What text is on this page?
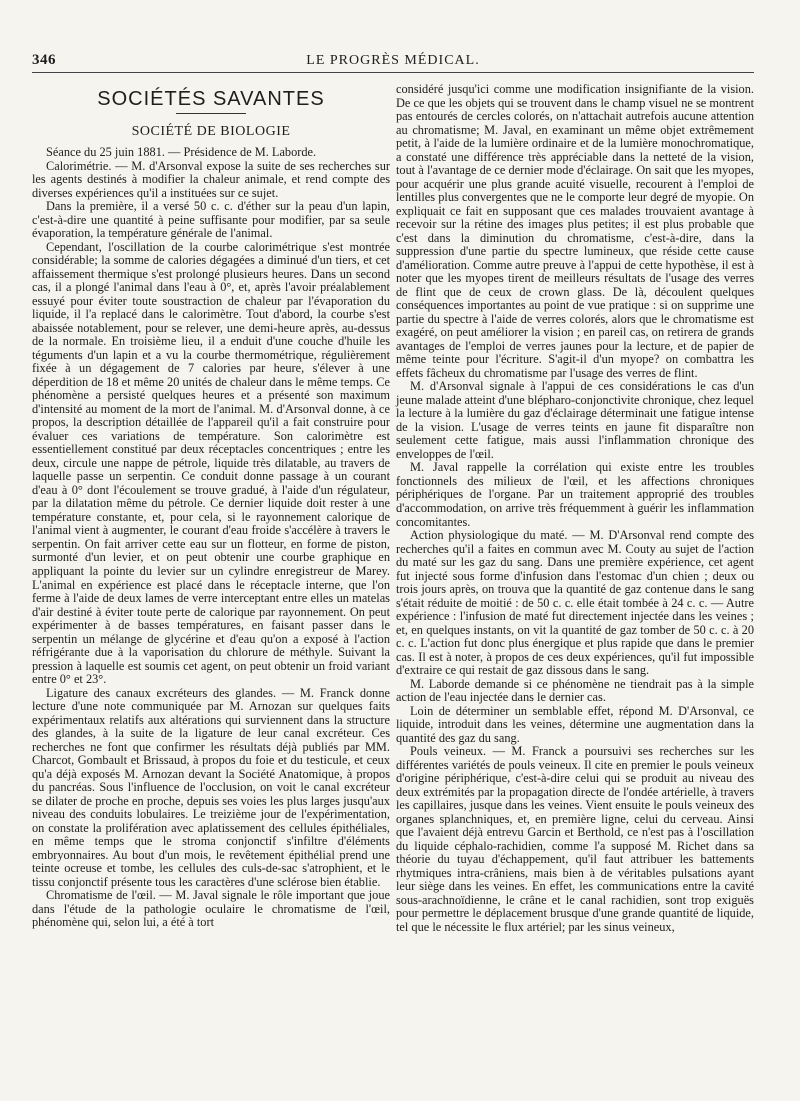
346	LE PROGRÈS MÉDICAL.
SOCIÉTÉS SAVANTES
SOCIÉTÉ DE BIOLOGIE

Séance du 25 juin 1881. — Présidence de M. Laborde.

Calorimétrie. — M. d'Arsonval expose la suite de ses recherches sur les agents destinés à modifier la chaleur animale, et rend compte des diverses expériences qu'il a instituées sur ce sujet.

Dans la première, il a versé 50 c. c. d'éther sur la peau d'un lapin, c'est-à-dire une quantité à peine suffisante pour modifier, par sa seule évaporation, la température générale de l'animal.

Cependant, l'oscillation de la courbe calorimétrique s'est montrée considérable; la somme de calories dégagées a diminué d'un tiers, et cet affaissement thermique s'est prolongé plusieurs heures. Dans un second cas, il a plongé l'animal dans l'eau à 0°, et, après l'avoir préalablement essuyé pour éviter toute soustraction de chaleur par l'évaporation du liquide, il l'a replacé dans le calorimètre. Tout d'abord, la courbe s'est abaissée notablement, pour se relever, une demi-heure après, au-dessus de la normale. En troisième lieu, il a enduit d'une couche d'huile les téguments d'un lapin et a vu la courbe thermométrique, régulièrement fixée à un dégagement de 7 calories par heure, s'élever à une déperdition de 18 et même 20 unités de chaleur dans le même temps. Ce phénomène a persisté quelques heures et a présenté son maximum d'intensité au moment de la mort de l'animal. M. d'Arsonval donne, à ce propos, la description détaillée de l'appareil qu'il a fait construire pour évaluer ces variations de température. Son calorimètre est essentiellement constitué par deux réceptacles concentriques ; entre les deux, circule une nappe de pétrole, liquide très dilatable, au travers de laquelle passe un serpentin. Ce conduit donne passage à un courant d'eau à 0° dont l'écoulement se trouve gradué, à l'aide d'un régulateur, par la dilatation même du pétrole. Ce dernier liquide doit rester à une température constante, et, pour cela, si le rayonnement calorique de l'animal vient à augmenter, le courant d'eau froide s'accélère à travers le serpentin. On fait arriver cette eau sur un flotteur, en forme de piston, surmonté d'un levier, et on peut obtenir une courbe graphique en appliquant la pointe du levier sur un cylindre enregistreur de Marey. L'animal en expérience est placé dans le réceptacle interne, que l'on ferme à l'aide de deux lames de verre interceptant entre elles un matelas d'air destiné à éviter toute perte de calorique par rayonnement. On peut expérimenter à de basses températures, en faisant passer dans le serpentin un mélange de glycérine et d'eau qu'on a exposé à l'action réfrigérante due à la vaporisation du chlorure de méthyle. Suivant la pression à laquelle est soumis cet agent, on peut obtenir un froid variant entre 0° et 23°.

Ligature des canaux excréteurs des glandes. — M. Franck donne lecture d'une note communiquée par M. Arnozan sur quelques faits expérimentaux relatifs aux altérations qui surviennent dans la structure des glandes, à la suite de la ligature de leur canal excréteur. Ces recherches ne font que confirmer les résultats déjà publiés par MM. Charcot, Gombault et Brissaud, à propos du foie et du testicule, et ceux qu'a déjà exposés M. Arnozan devant la Société Anatomique, à propos du pancréas. Sous l'influence de l'occlusion, on voit le canal excréteur se dilater de proche en proche, depuis ses voies les plus larges jusqu'aux niveau des conduits lobulaires. Le treizième jour de l'expérimentation, on constate la prolifération avec aplatissement des cellules épithéliales, en même temps que le stroma conjonctif s'infiltre d'éléments embryonnaires. Au bout d'un mois, le revêtement épithélial prend une teinte ocreuse et tombe, les cellules des culs-de-sac s'atrophient, et le tissu conjonctif présente tous les caractères d'une sclérose bien établie.

Chromatisme de l'œil. — M. Javal signale le rôle important que joue dans l'étude de la pathologie oculaire le chromatisme de l'œil, phénomène qui, selon lui, a été à tort

considéré jusqu'ici comme une modification insignifiante de la vision. De ce que les objets qui se trouvent dans le champ visuel ne se montrent pas entourés de cercles colorés, on n'attachait autrefois aucune attention au chromatisme; M. Javal, en examinant un même objet extrêmement petit, à l'aide de la lumière ordinaire et de la lumière monochromatique, a constaté une différence très appréciable dans la netteté de la vision, tout à l'avantage de ce dernier mode d'éclairage. On sait que les myopes, pour acquérir une plus grande acuité visuelle, recourent à l'emploi de lentilles plus convergentes que ne le comporte leur degré de myopie. On expliquait ce fait en supposant que ces malades trouvaient avantage à recevoir sur la rétine des images plus petites; il est plus probable que c'est dans la diminution du chromatisme, c'est-à-dire, dans la suppression d'une partie du spectre lumineux, que réside cette cause d'amélioration. Comme autre preuve à l'appui de cette hypothèse, il est à noter que les myopes tirent de meilleurs résultats de l'usage des verres de flint que de ceux de crown glass. De là, découlent quelques conséquences importantes au point de vue pratique : si on supprime une partie du spectre à l'aide de verres colorés, alors que le chromatisme est exagéré, on peut améliorer la vision ; en pareil cas, on retirera de grands avantages de l'emploi de verres jaunes pour la lecture, et de papier de même teinte pour l'écriture. S'agit-il d'un myope? on combattra les effets fâcheux du chromatisme par l'usage des verres de flint.

M. d'Arsonval signale à l'appui de ces considérations le cas d'un jeune malade atteint d'une blépharo-conjonctivite chronique, chez lequel la lecture à la lumière du gaz d'éclairage déterminait une fatigue intense de la vision. L'usage de verres teints en jaune fit disparaître non seulement cette fatigue, mais aussi l'inflammation chronique des enveloppes de l'œil.

M. Javal rappelle la corrélation qui existe entre les troubles fonctionnels des milieux de l'œil, et les affections chroniques périphériques de l'organe. Par un traitement approprié des troubles d'accommodation, on arrive très fréquemment à guérir les inflammation concomitantes.

Action physiologique du maté. — M. D'Arsonval rend compte des recherches qu'il a faites en commun avec M. Couty au sujet de l'action du maté sur les gaz du sang. Dans une première expérience, cet agent fut injecté sous forme d'infusion dans l'estomac d'un chien ; deux ou trois jours après, on trouva que la quantité de gaz contenue dans le sang s'était réduite de moitié : de 50 c. c. elle était tombée à 24 c. c. — Autre expérience : l'infusion de maté fut directement injectée dans les veines ; et, en quelques instants, on vit la quantité de gaz tomber de 50 c. c. à 20 c. c. L'action fut donc plus énergique et plus rapide que dans le premier cas. Il est à noter, à propos de ces deux expériences, qu'il fut impossible d'extraire ce qui restait de gaz dissous dans le sang.

M. Laborde demande si ce phénomène ne tiendrait pas à la simple action de l'eau injectée dans le dernier cas.

Loin de déterminer un semblable effet, répond M. D'Arsonval, ce liquide, introduit dans les veines, détermine une augmentation dans la quantité des gaz du sang.

Pouls veineux. — M. Franck a poursuivi ses recherches sur les différentes variétés de pouls veineux. Il cite en premier le pouls veineux d'origine périphérique, c'est-à-dire celui qui se produit au niveau des deux extrémités par la propagation directe de l'ondée artérielle, à travers les capillaires, jusque dans les veines. Vient ensuite le pouls veineux des organes splanchniques, et, en première ligne, celui du cerveau. Ainsi que l'avaient déjà entrevu Garcin et Berthold, ce n'est pas à l'oscillation du liquide céphalo-rachidien, comme l'a supposé M. Richet dans sa théorie du tuyau d'échappement, qu'il faut attribuer les battements rhytmiques intra-crâniens, mais bien à de véritables pulsations ayant leur siège dans les veines. En effet, les communications entre la cavité sous-arachnoïdienne, le crâne et le canal rachidien, sont trop exiguës pour permettre le déplacement brusque d'une grande quantité de liquide, tel que le nécessite le flux artériel; par les sinus veineux,
